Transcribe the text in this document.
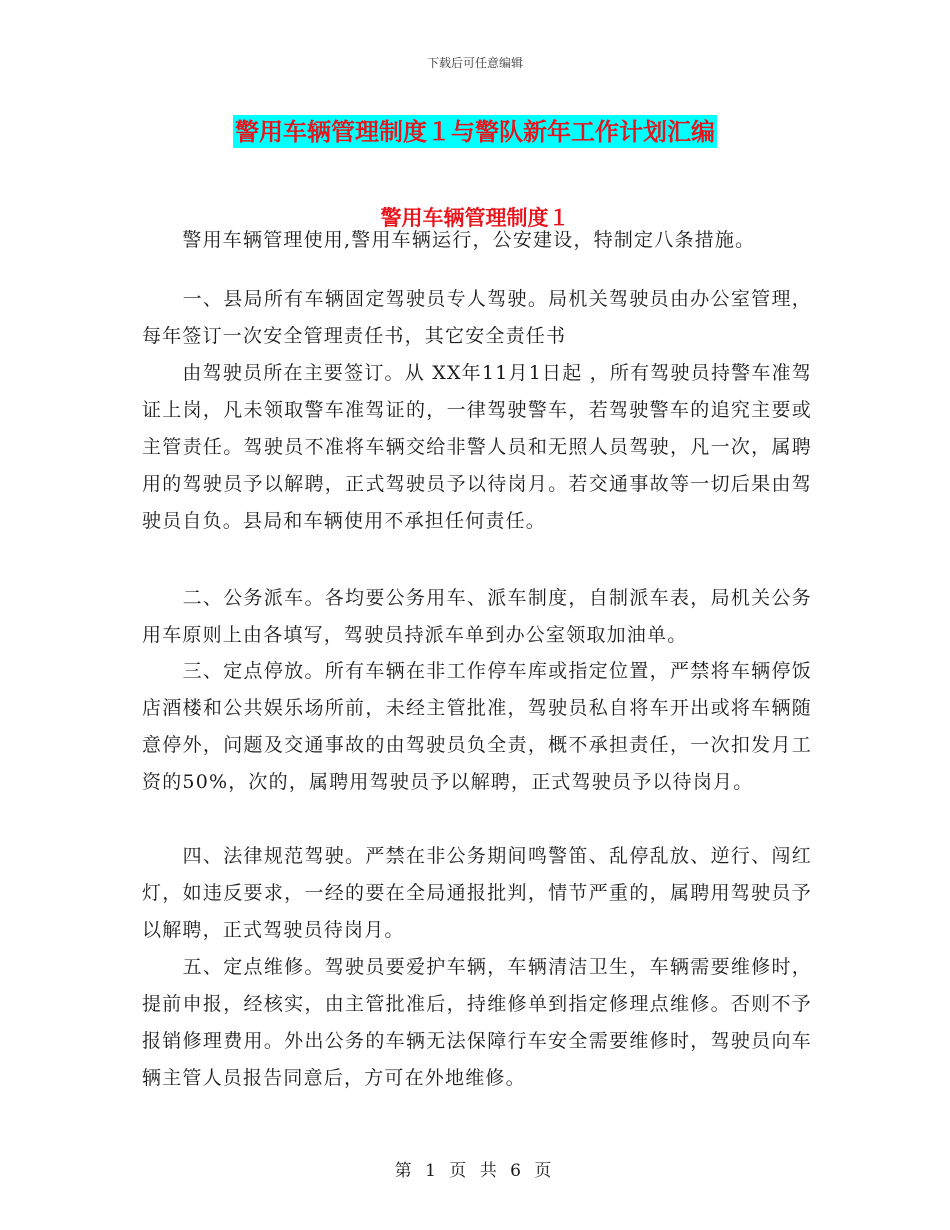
下载后可任意编辑
警用车辆管理制度１与警队新年工作计划汇编
警用车辆管理制度１

　　警用车辆管理使用,警用车辆运行，公安建设，特制定八条措施。

　　一、县局所有车辆固定驾驶员专人驾驶。局机关驾驶员由办公室管理，每年签订一次安全管理责任书，其它安全责任书

　　由驾驶员所在主要签订。从 XX年11月1日起 ，所有驾驶员持警车准驾证上岗，凡未领取警车准驾证的，一律驾驶警车，若驾驶警车的追究主要或主管责任。驾驶员不准将车辆交给非警人员和无照人员驾驶，凡一次，属聘用的驾驶员予以解聘，正式驾驶员予以待岗月。若交通事故等一切后果由驾驶员自负。县局和车辆使用不承担任何责任。

　　二、公务派车。各均要公务用车、派车制度，自制派车表，局机关公务用车原则上由各填写，驾驶员持派车单到办公室领取加油单。

　　三、定点停放。所有车辆在非工作停车库或指定位置，严禁将车辆停饭店酒楼和公共娱乐场所前，未经主管批准，驾驶员私自将车开出或将车辆随意停外，问题及交通事故的由驾驶员负全责，概不承担责任，一次扣发月工资的50%，次的，属聘用驾驶员予以解聘，正式驾驶员予以待岗月。

　　四、法律规范驾驶。严禁在非公务期间鸣警笛、乱停乱放、逆行、闯红灯，如违反要求，一经的要在全局通报批判，情节严重的，属聘用驾驶员予以解聘，正式驾驶员待岗月。

　　五、定点维修。驾驶员要爱护车辆，车辆清洁卫生，车辆需要维修时，提前申报，经核实，由主管批准后，持维修单到指定修理点维修。否则不予报销修理费用。外出公务的车辆无法保障行车安全需要维修时，驾驶员向车辆主管人员报告同意后，方可在外地维修。

第 1 页 共 6 页
